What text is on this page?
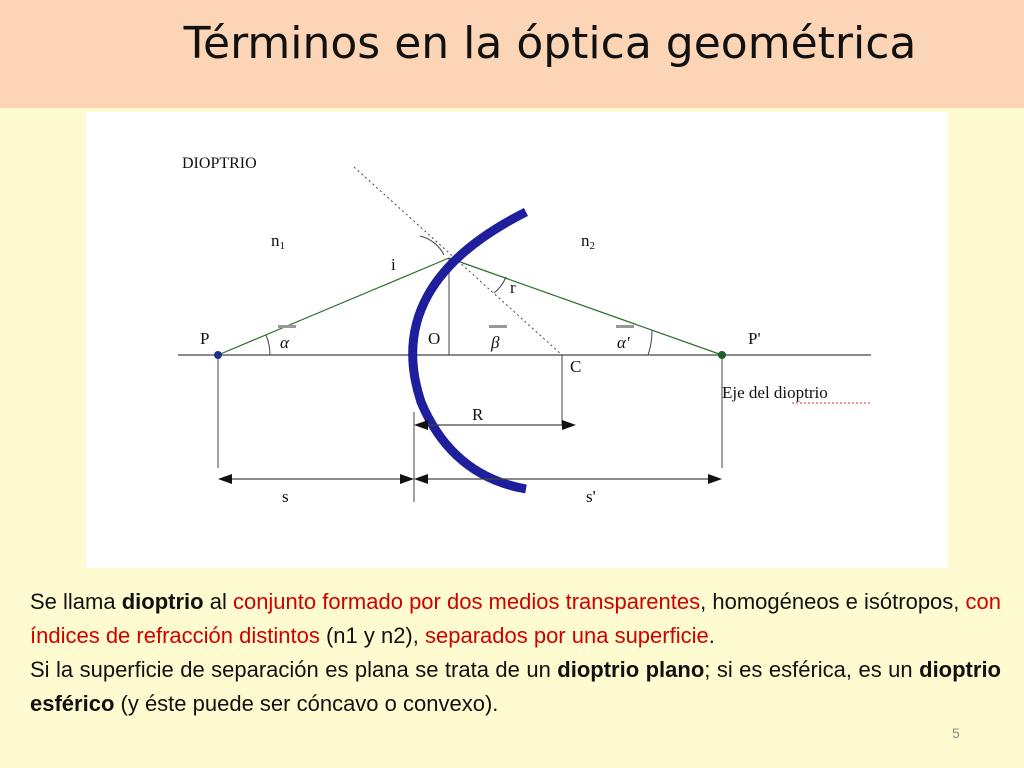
Términos en la óptica geométrica
DIOPTRIO
n1	n2
i
r
P	O
C
P'
α	β	α'
Eje del dioptrio
R
s	s'

Se llama dioptrio al conjunto formado por dos medios transparentes, homogéneos e isótropos, con índices de refracción distintos (n1 y n2), separados por una superficie.

Si la superficie de separación es plana se trata de un dioptrio plano; si es esférica, es un dioptrio esférico (y éste puede ser cóncavo o convexo).

5
